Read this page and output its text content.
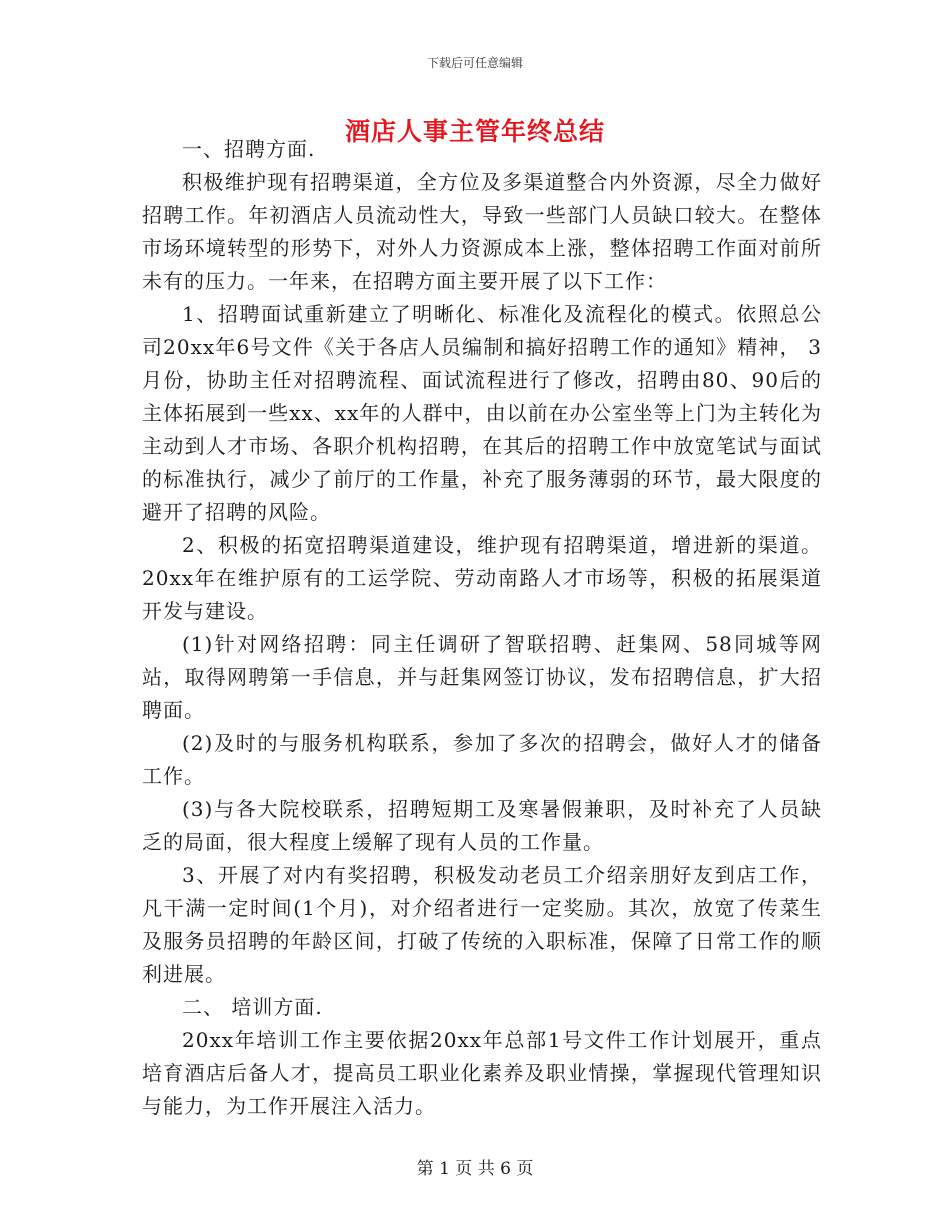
下载后可任意编辑
酒店人事主管年终总结

一、招聘方面.

积极维护现有招聘渠道，全方位及多渠道整合内外资源，尽全力做好招聘工作。年初酒店人员流动性大，导致一些部门人员缺口较大。在整体市场环境转型的形势下，对外人力资源成本上涨，整体招聘工作面对前所未有的压力。一年来，在招聘方面主要开展了以下工作：

1、招聘面试重新建立了明晰化、标准化及流程化的模式。依照总公司20xx年6号文件《关于各店人员编制和搞好招聘工作的通知》精神， 3月份，协助主任对招聘流程、面试流程进行了修改，招聘由80、90后的主体拓展到一些xx、xx年的人群中，由以前在办公室坐等上门为主转化为主动到人才市场、各职介机构招聘，在其后的招聘工作中放宽笔试与面试的标准执行，减少了前厅的工作量，补充了服务薄弱的环节，最大限度的避开了招聘的风险。

2、积极的拓宽招聘渠道建设，维护现有招聘渠道，增进新的渠道。20xx年在维护原有的工运学院、劳动南路人才市场等，积极的拓展渠道开发与建设。

(1)针对网络招聘：同主任调研了智联招聘、赶集网、58同城等网站，取得网聘第一手信息，并与赶集网签订协议，发布招聘信息，扩大招聘面。

(2)及时的与服务机构联系，参加了多次的招聘会，做好人才的储备工作。

(3)与各大院校联系，招聘短期工及寒暑假兼职，及时补充了人员缺乏的局面，很大程度上缓解了现有人员的工作量。

3、开展了对内有奖招聘，积极发动老员工介绍亲朋好友到店工作，凡干满一定时间(1个月)，对介绍者进行一定奖励。其次，放宽了传菜生及服务员招聘的年龄区间，打破了传统的入职标准，保障了日常工作的顺利进展。

二、 培训方面.

20xx年培训工作主要依据20xx年总部1号文件工作计划展开，重点培育酒店后备人才，提高员工职业化素养及职业情操，掌握现代管理知识与能力，为工作开展注入活力。

第 1 页 共 6 页
